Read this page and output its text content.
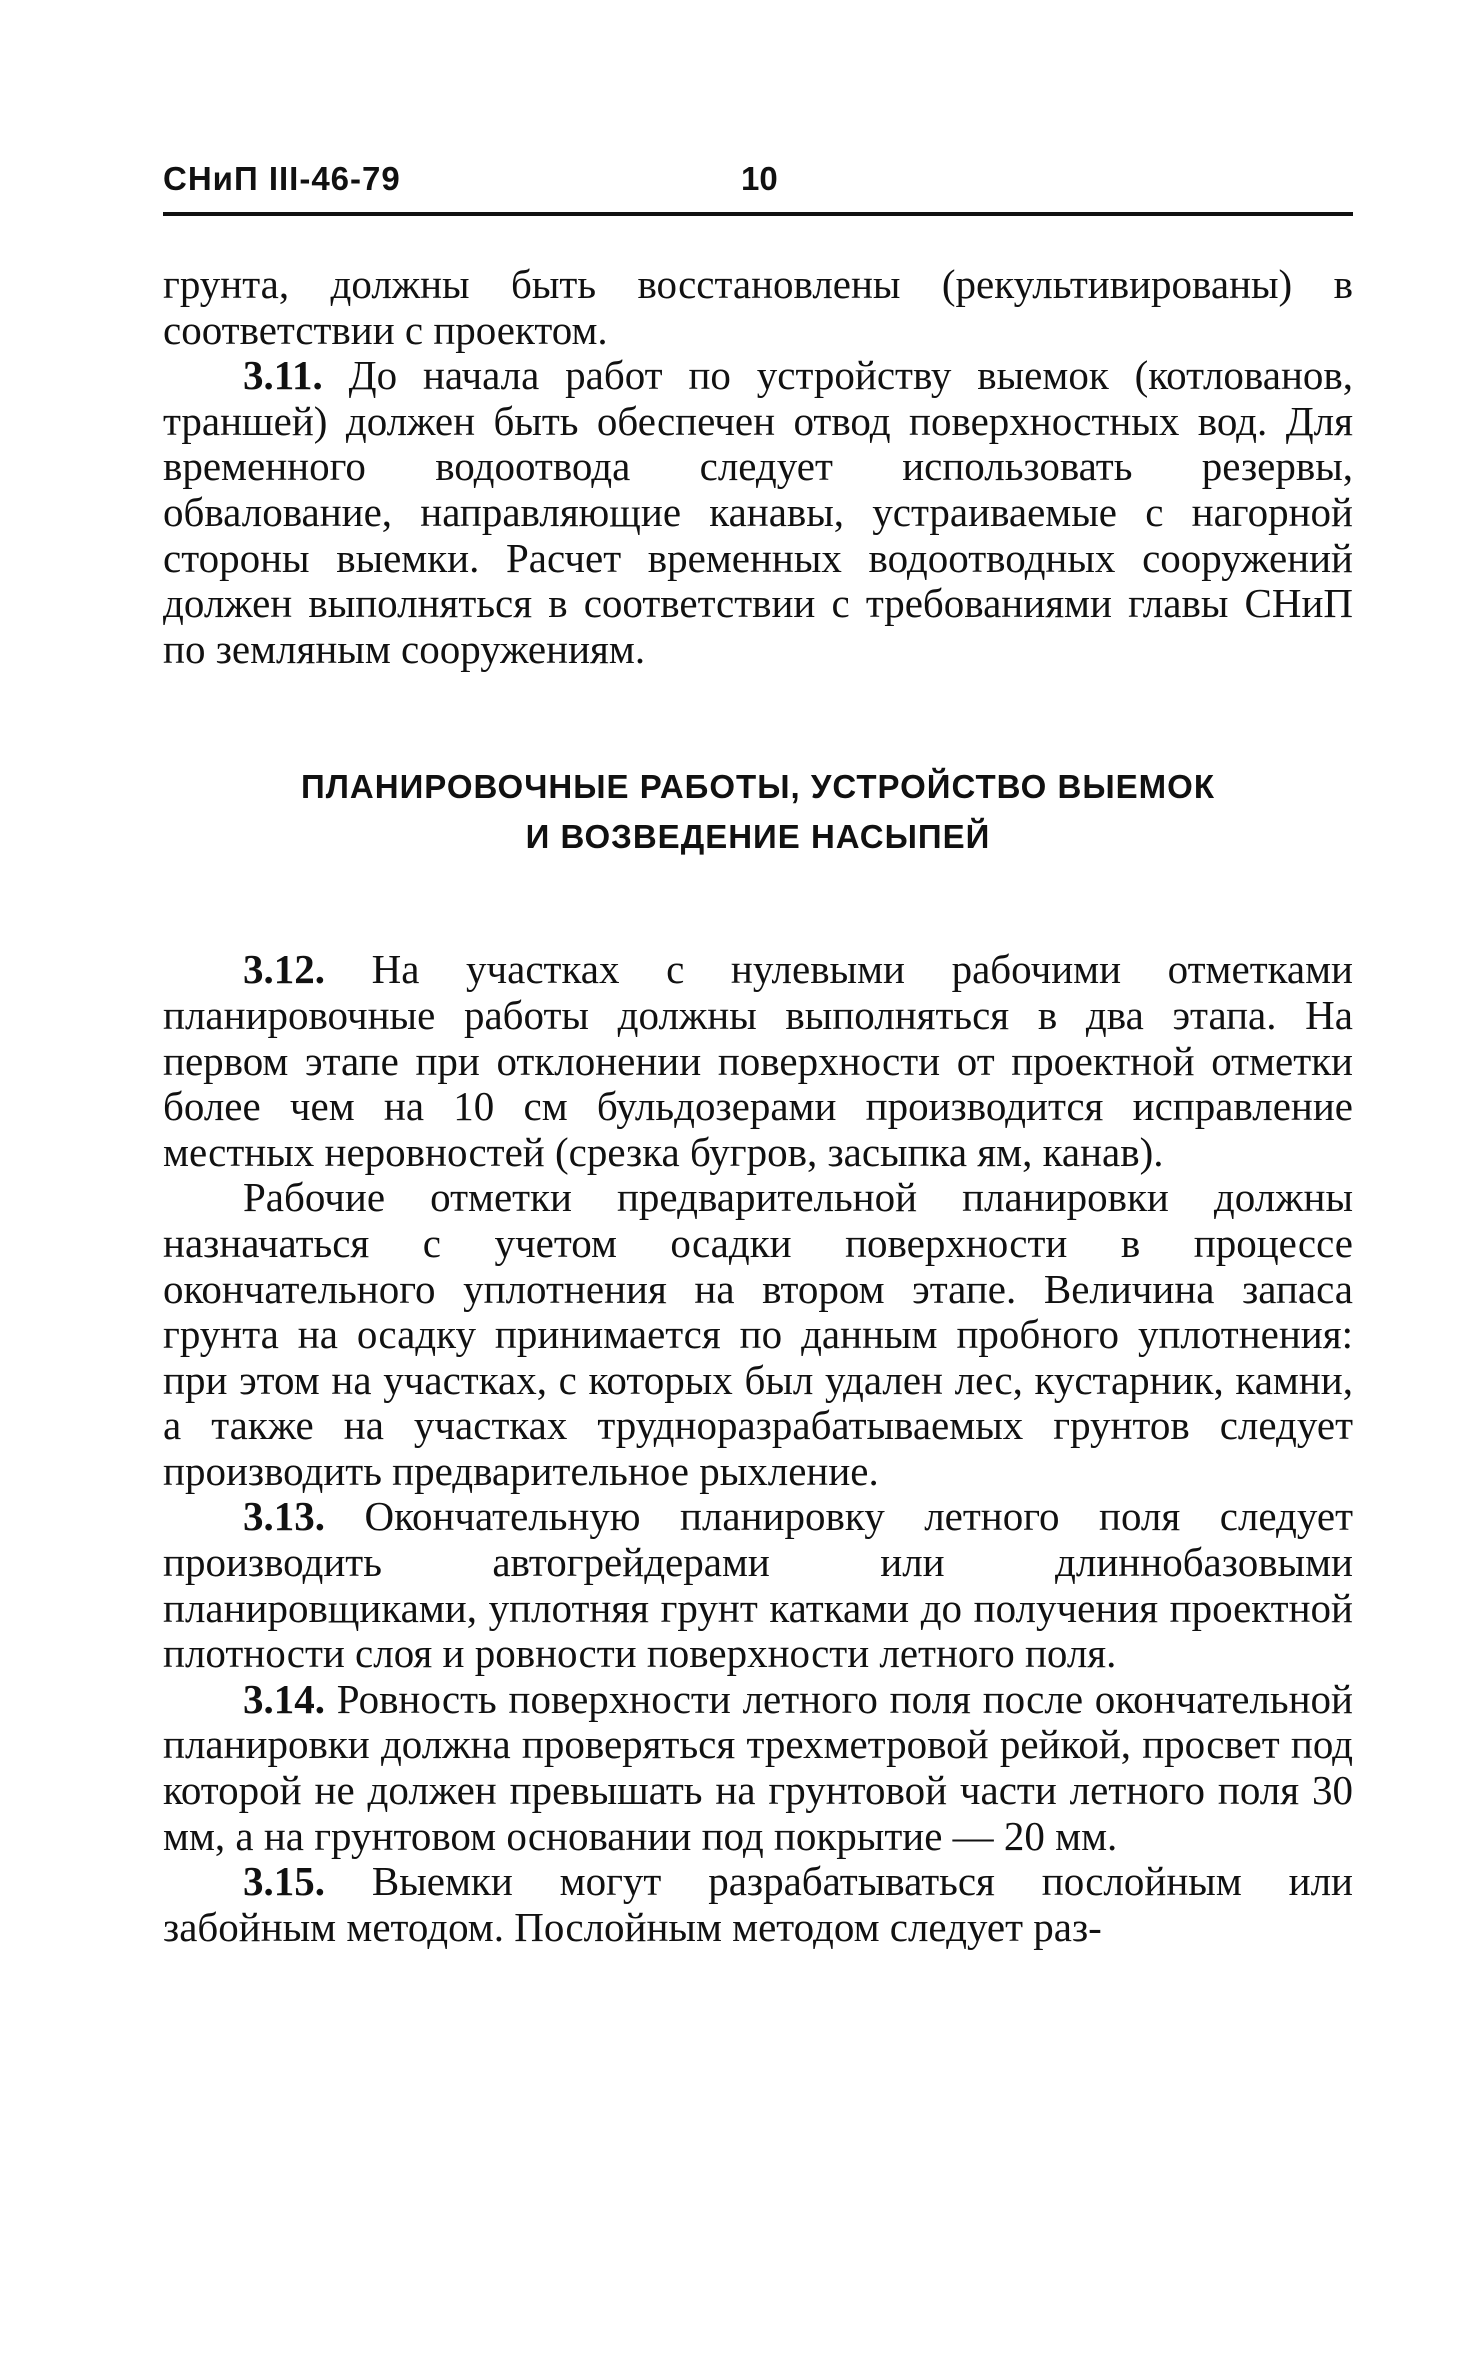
СНиП III-46-79	10

грунта, должны быть восстановлены (рекультивированы) в соответствии с проектом.

3.11. До начала работ по устройству выемок (котлованов, траншей) должен быть обеспечен отвод поверхностных вод. Для временного водоотвода следует использовать резервы, обвалование, направляющие канавы, устраиваемые с нагорной стороны выемки. Расчет временных водоотводных сооружений должен выполняться в соответствии с требованиями главы СНиП по земляным сооружениям.

ПЛАНИРОВОЧНЫЕ РАБОТЫ, УСТРОЙСТВО ВЫЕМОК
И ВОЗВЕДЕНИЕ НАСЫПЕЙ

3.12. На участках с нулевыми рабочими отметками планировочные работы должны выполняться в два этапа. На первом этапе при отклонении поверхности от проектной отметки более чем на 10 см бульдозерами производится исправление местных неровностей (срезка бугров, засыпка ям, канав).

Рабочие отметки предварительной планировки должны назначаться с учетом осадки поверхности в процессе окончательного уплотнения на втором этапе. Величина запаса грунта на осадку принимается по данным пробного уплотнения: при этом на участках, с которых был удален лес, кустарник, камни, а также на участках трудноразрабатываемых грунтов следует производить предварительное рыхление.

3.13. Окончательную планировку летного поля следует производить автогрейдерами или длиннобазовыми планировщиками, уплотняя грунт катками до получения проектной плотности слоя и ровности поверхности летного поля.

3.14. Ровность поверхности летного поля после окончательной планировки должна проверяться трехметровой рейкой, просвет под которой не должен превышать на грунтовой части летного поля 30 мм, а на грунтовом основании под покрытие — 20 мм.

3.15. Выемки могут разрабатываться послойным или забойным методом. Послойным методом следует раз-
